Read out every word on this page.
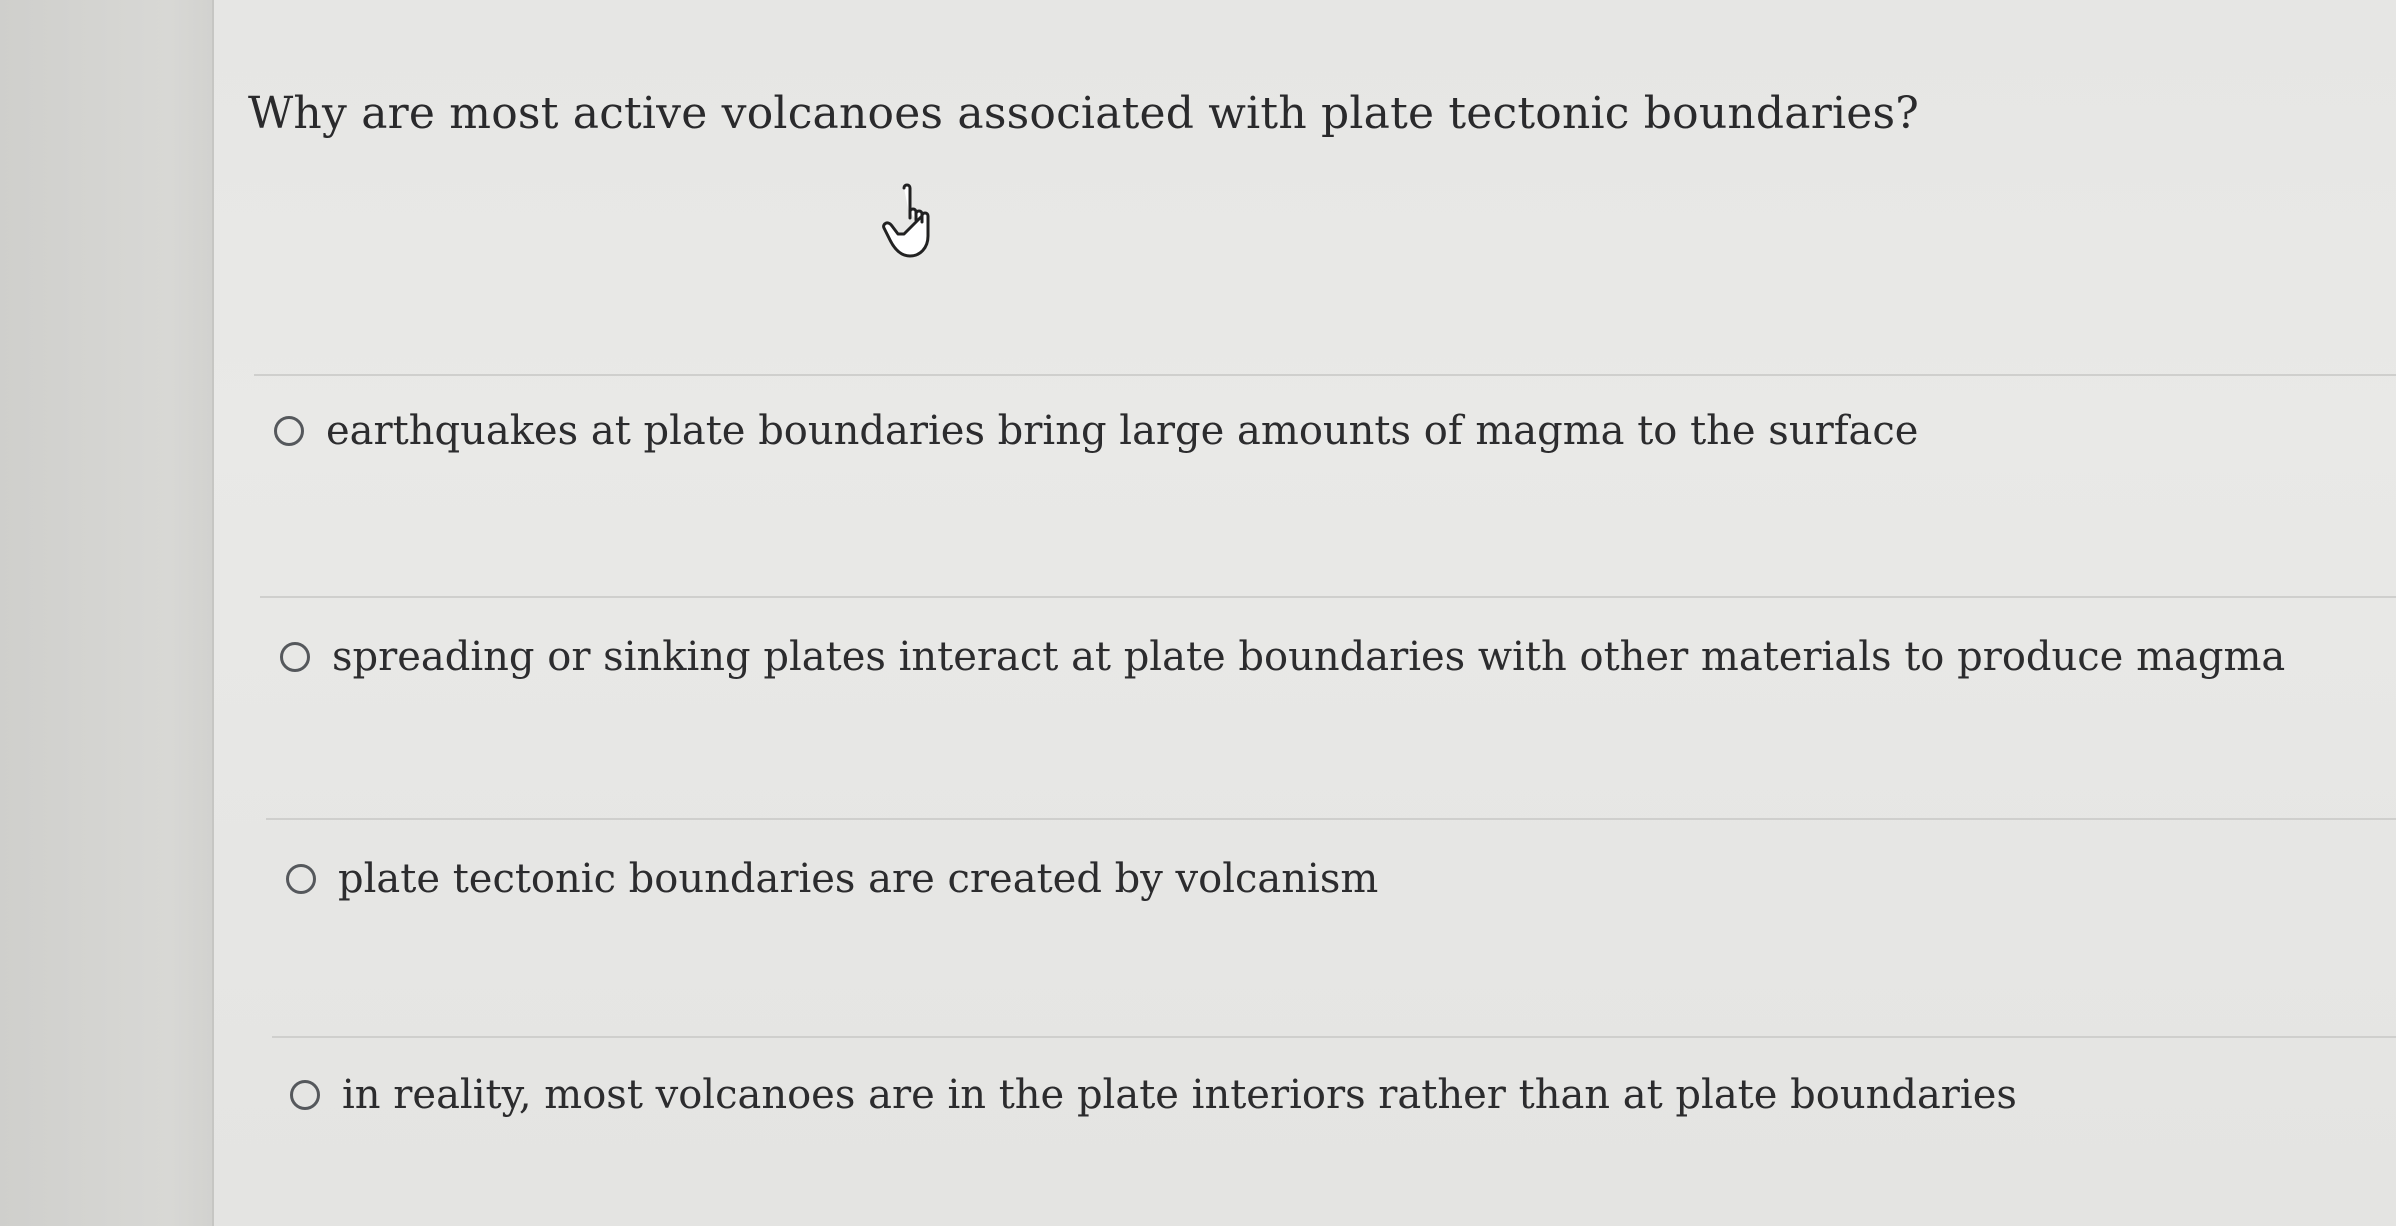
Why are most active volcanoes associated with plate tectonic boundaries?
earthquakes at plate boundaries bring large amounts of magma to the surface
spreading or sinking plates interact at plate boundaries with other materials to produce magma
plate tectonic boundaries are created by volcanism
in reality, most volcanoes are in the plate interiors rather than at plate boundaries
